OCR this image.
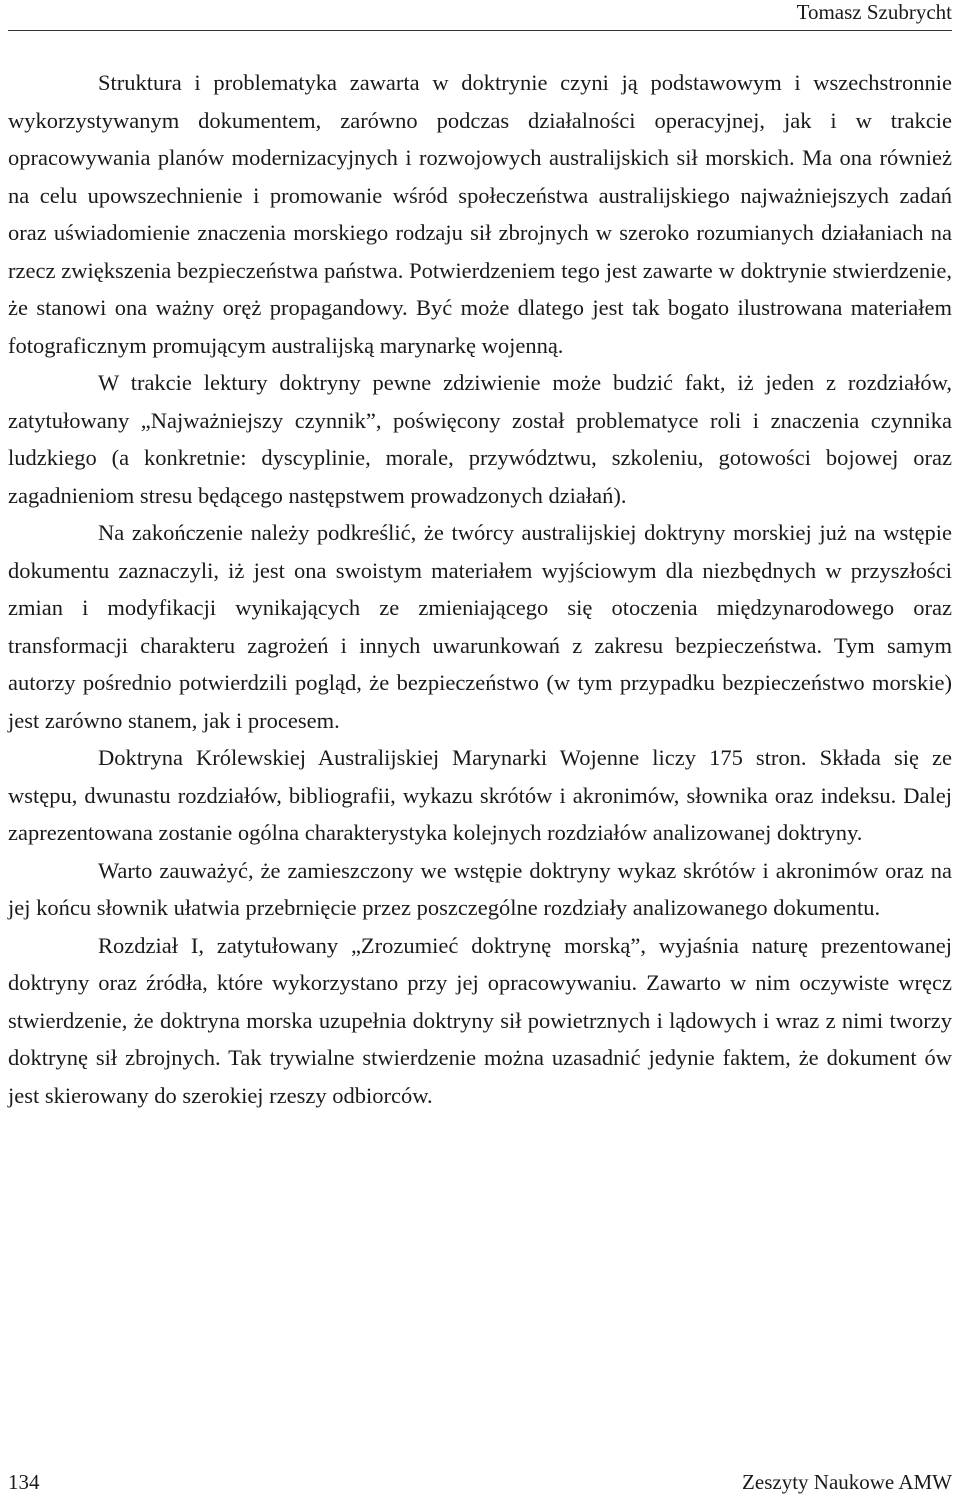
Tomasz Szubrycht

Struktura i problematyka zawarta w doktrynie czyni ją podstawowym i wszechstronnie wykorzystywanym dokumentem, zarówno podczas działalności operacyjnej, jak i w trakcie opracowywania planów modernizacyjnych i rozwojowych australijskich sił morskich. Ma ona również na celu upowszechnienie i promowanie wśród społeczeństwa australijskiego najważniejszych zadań oraz uświadomienie znaczenia morskiego rodzaju sił zbrojnych w szeroko rozumianych działaniach na rzecz zwiększenia bezpieczeństwa państwa. Potwierdzeniem tego jest zawarte w doktrynie stwierdzenie, że stanowi ona ważny oręż propagandowy. Być może dlatego jest tak bogato ilustrowana materiałem fotograficznym promującym australijską marynarkę wojenną.

W trakcie lektury doktryny pewne zdziwienie może budzić fakt, iż jeden z rozdziałów, zatytułowany „Najważniejszy czynnik”, poświęcony został problematyce roli i znaczenia czynnika ludzkiego (a konkretnie: dyscyplinie, morale, przywództwu, szkoleniu, gotowości bojowej oraz zagadnieniom stresu będącego następstwem prowadzonych działań).

Na zakończenie należy podkreślić, że twórcy australijskiej doktryny morskiej już na wstępie dokumentu zaznaczyli, iż jest ona swoistym materiałem wyjściowym dla niezbędnych w przyszłości zmian i modyfikacji wynikających ze zmieniającego się otoczenia międzynarodowego oraz transformacji charakteru zagrożeń i innych uwarunkowań z zakresu bezpieczeństwa. Tym samym autorzy pośrednio potwierdzili pogląd, że bezpieczeństwo (w tym przypadku bezpieczeństwo morskie) jest zarówno stanem, jak i procesem.

Doktryna Królewskiej Australijskiej Marynarki Wojenne liczy 175 stron. Składa się ze wstępu, dwunastu rozdziałów, bibliografii, wykazu skrótów i akronimów, słownika oraz indeksu. Dalej zaprezentowana zostanie ogólna charakterystyka kolejnych rozdziałów analizowanej doktryny.

Warto zauważyć, że zamieszczony we wstępie doktryny wykaz skrótów i akronimów oraz na jej końcu słownik ułatwia przebrnięcie przez poszczególne rozdziały analizowanego dokumentu.

Rozdział I, zatytułowany „Zrozumieć doktrynę morską”, wyjaśnia naturę prezentowanej doktryny oraz źródła, które wykorzystano przy jej opracowywaniu. Zawarto w nim oczywiste wręcz stwierdzenie, że doktryna morska uzupełnia doktryny sił powietrznych i lądowych i wraz z nimi tworzy doktrynę sił zbrojnych. Tak trywialne stwierdzenie można uzasadnić jedynie faktem, że dokument ów jest skierowany do szerokiej rzeszy odbiorców.

134	Zeszyty Naukowe AMW
